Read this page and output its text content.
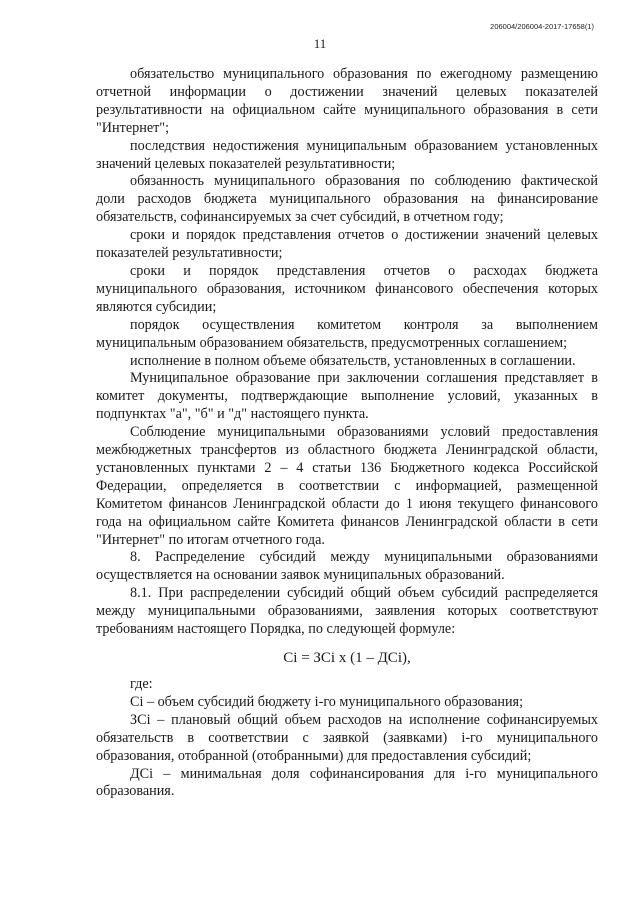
206004/206004-2017-17658(1)
11

обязательство муниципального образования по ежегодному размещению отчетной информации о достижении значений целевых показателей результативности на официальном сайте муниципального образования в сети "Интернет";

последствия недостижения муниципальным образованием установленных значений целевых показателей результативности;

обязанность муниципального образования по соблюдению фактической доли расходов бюджета муниципального образования на финансирование обязательств, софинансируемых за счет субсидий, в отчетном году;

сроки и порядок представления отчетов о достижении значений целевых показателей результативности;

сроки и порядок представления отчетов о расходах бюджета муниципального образования, источником финансового обеспечения которых являются субсидии;

порядок осуществления комитетом контроля за выполнением муниципальным образованием обязательств, предусмотренных соглашением;

исполнение в полном объеме обязательств, установленных в соглашении.

Муниципальное образование при заключении соглашения представляет в комитет документы, подтверждающие выполнение условий, указанных в подпунктах "а", "б" и "д" настоящего пункта.

Соблюдение муниципальными образованиями условий предоставления межбюджетных трансфертов из областного бюджета Ленинградской области, установленных пунктами 2 – 4 статьи 136 Бюджетного кодекса Российской Федерации, определяется в соответствии с информацией, размещенной Комитетом финансов Ленинградской области до 1 июня текущего финансового года на официальном сайте Комитета финансов Ленинградской области в сети "Интернет" по итогам отчетного года.

8. Распределение субсидий между муниципальными образованиями осуществляется на основании заявок муниципальных образований.

8.1. При распределении субсидий общий объем субсидий распределяется между муниципальными образованиями, заявления которых соответствуют требованиям настоящего Порядка, по следующей формуле:

Сi = ЗСi х (1 – ДСi),

где:

Сi – объем субсидий бюджету i-го муниципального образования;

ЗСi – плановый общий объем расходов на исполнение софинансируемых обязательств в соответствии с заявкой (заявками) i-го муниципального образования, отобранной (отобранными) для предоставления субсидий;

ДСi – минимальная доля софинансирования для i-го муниципального образования.
